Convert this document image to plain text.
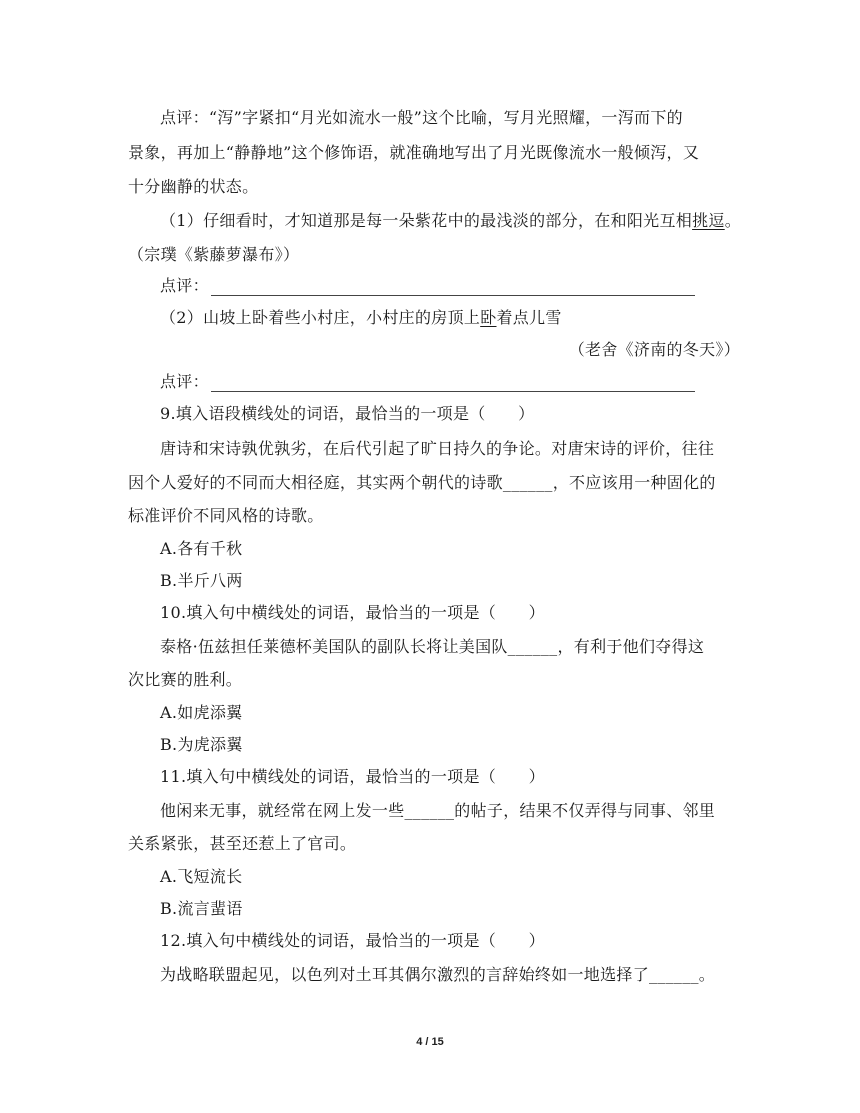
点评：“泻”字紧扣“月光如流水一般”这个比喻，写月光照耀，一泻而下的
景象，再加上“静静地”这个修饰语，就准确地写出了月光既像流水一般倾泻，又
十分幽静的状态。
（1）仔细看时，才知道那是每一朵紫花中的最浅淡的部分，在和阳光互相挑逗。
（宗璞《紫藤萝瀑布》）
点评：
（2）山坡上卧着些小村庄，小村庄的房顶上卧着点儿雪
（老舍《济南的冬天》）
点评：
9.填入语段横线处的词语，最恰当的一项是（　　）
唐诗和宋诗孰优孰劣，在后代引起了旷日持久的争论。对唐宋诗的评价，往往
因个人爱好的不同而大相径庭，其实两个朝代的诗歌______，不应该用一种固化的
标准评价不同风格的诗歌。
A.各有千秋
B.半斤八两
10.填入句中横线处的词语，最恰当的一项是（　　）
泰格·伍兹担任莱德杯美国队的副队长将让美国队______，有利于他们夺得这
次比赛的胜利。
A.如虎添翼
B.为虎添翼
11.填入句中横线处的词语，最恰当的一项是（　　）
他闲来无事，就经常在网上发一些______的帖子，结果不仅弄得与同事、邻里
关系紧张，甚至还惹上了官司。
A.飞短流长
B.流言蜚语
12.填入句中横线处的词语，最恰当的一项是（　　）
为战略联盟起见，以色列对土耳其偶尔激烈的言辞始终如一地选择了______。
4 / 15
